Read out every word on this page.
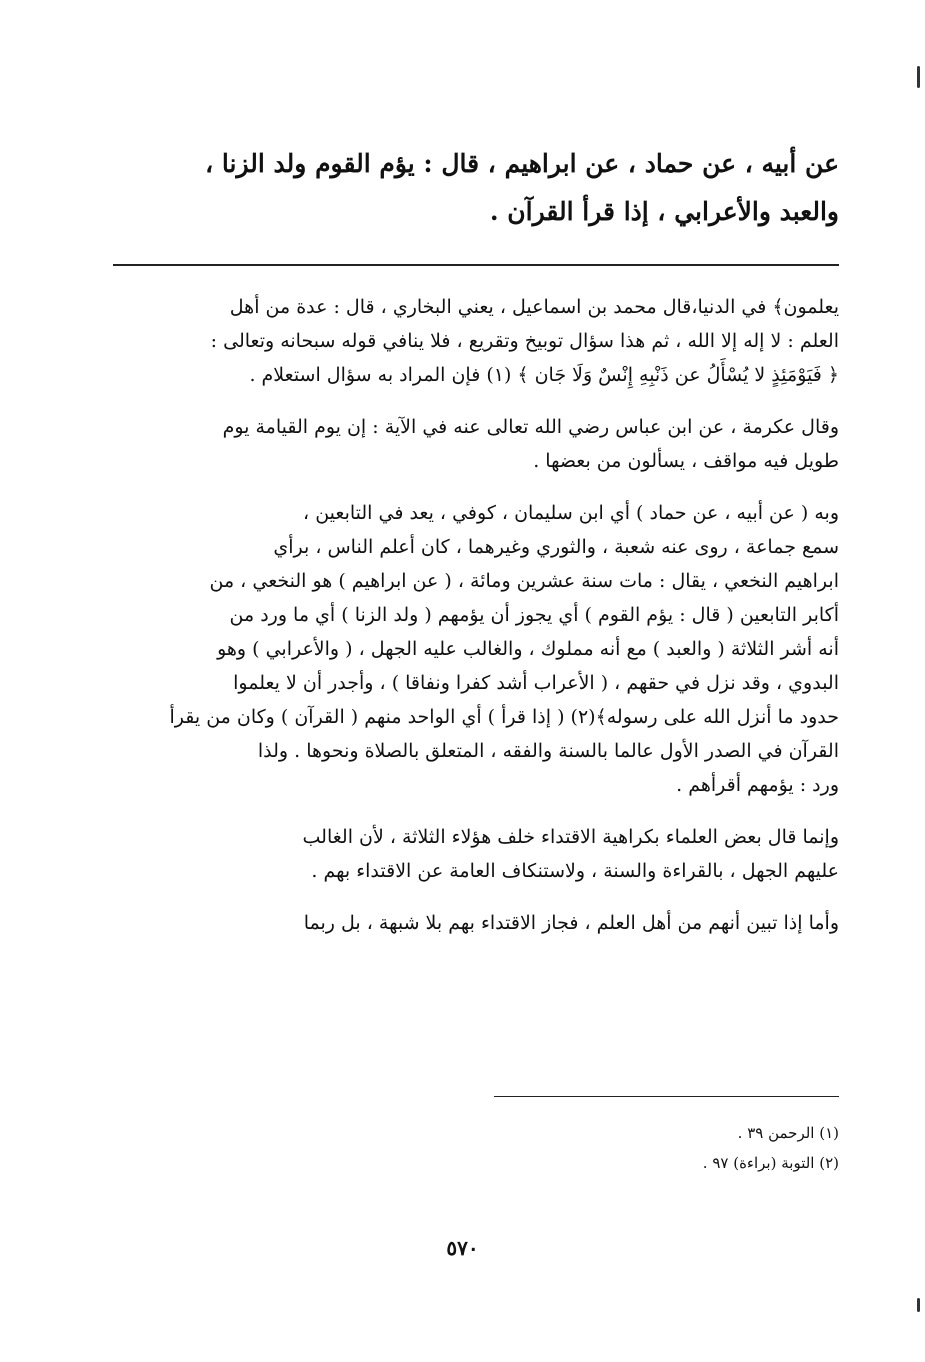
عن أبيه ، عن حماد ، عن ابراهيم ، قال : يؤم القوم ولد الزنا ،
والعبد والأعرابي ، إذا قرأ القرآن .

يعلمون﴾ في الدنيا،قال محمد بن اسماعيل ، يعني البخاري ، قال : عدة من أهل
العلم : لا إله إلا الله ، ثم هذا سؤال توبيخ وتقريع ، فلا ينافي قوله سبحانه وتعالى :
﴿ فَيَوْمَئِذٍ لا يُسْأَلُ عن ذَنْبِهِ إِنْسٌ وَلَا جَان ﴾ (١) فإن المراد به سؤال استعلام .

وقال عكرمة ، عن ابن عباس رضي الله تعالى عنه في الآية : إن يوم القيامة يوم
طويل فيه مواقف ، يسألون من بعضها .

وبه ( عن أبيه ، عن حماد ) أي ابن سليمان ، كوفي ، يعد في التابعين ،
سمع جماعة ، روى عنه شعبة ، والثوري وغيرهما ، كان أعلم الناس ، برأي
ابراهيم النخعي ، يقال : مات سنة عشرين ومائة ، ( عن ابراهيم ) هو النخعي ، من
أكابر التابعين ( قال : يؤم القوم ) أي يجوز أن يؤمهم ( ولد الزنا ) أي ما ورد من
أنه أشر الثلاثة ( والعبد ) مع أنه مملوك ، والغالب عليه الجهل ، ( والأعرابي ) وهو
البدوي ، وقد نزل في حقهم ، ( الأعراب أشد كفرا ونفاقا ) ، وأجدر أن لا يعلموا
حدود ما أنزل الله على رسوله﴾(٢) ( إذا قرأ ) أي الواحد منهم ( القرآن ) وكان من يقرأ
القرآن في الصدر الأول عالما بالسنة والفقه ، المتعلق بالصلاة ونحوها . ولذا
ورد : يؤمهم أقرأهم .

وإنما قال بعض العلماء بكراهية الاقتداء خلف هؤلاء الثلاثة ، لأن الغالب
عليهم الجهل ، بالقراءة والسنة ، ولاستنكاف العامة عن الاقتداء بهم .

وأما إذا تبين أنهم من أهل العلم ، فجاز الاقتداء بهم بلا شبهة ، بل ربما

(١) الرحمن ٣٩ .
(٢) التوبة (براءة) ٩٧ .
٥٧٠
